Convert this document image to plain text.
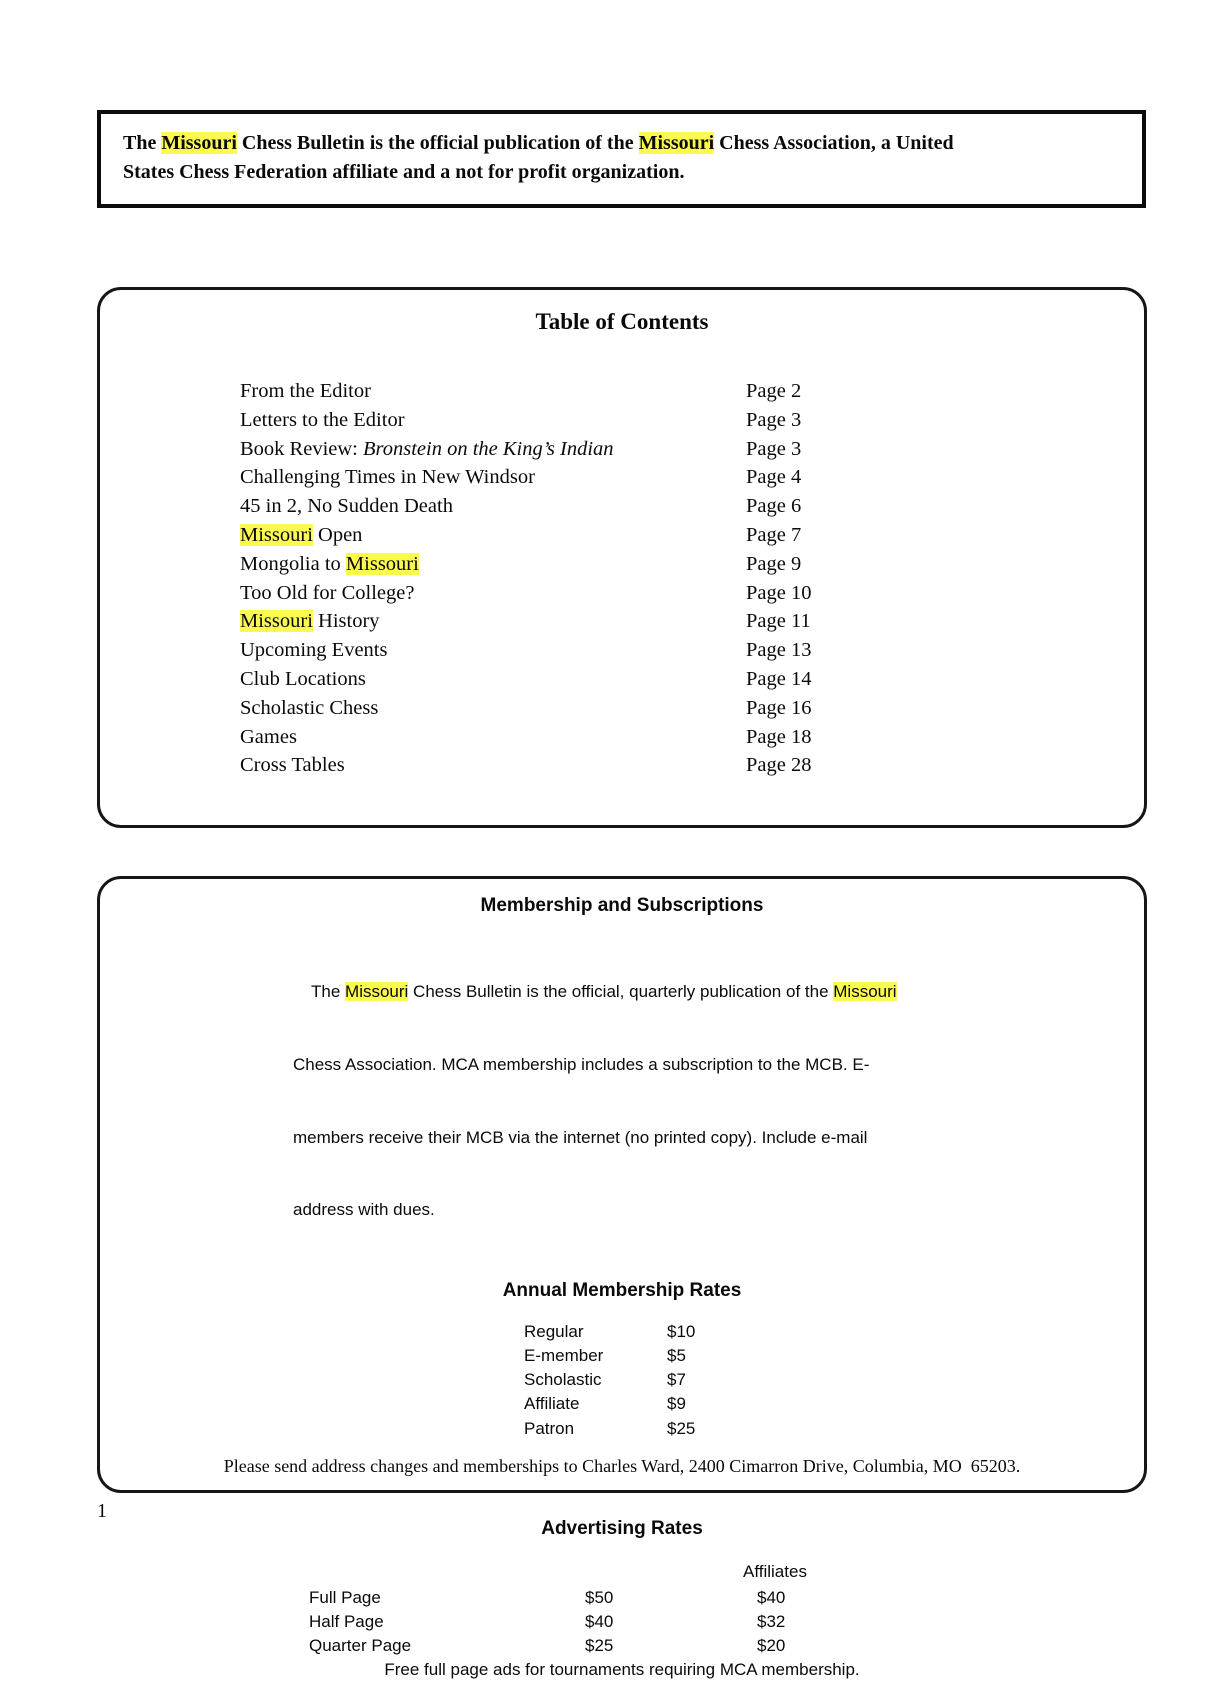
The Missouri Chess Bulletin is the official publication of the Missouri Chess Association, a United
States Chess Federation affiliate and a not for profit organization.
Table of Contents
From the Editor	Page 2
Letters to the Editor	Page 3
Book Review: Bronstein on the King’s Indian	Page 3
Challenging Times in New Windsor	Page 4
45 in 2, No Sudden Death	Page 6
Missouri Open	Page 7
Mongolia to Missouri	Page 9
Too Old for College?	Page 10
Missouri History	Page 11
Upcoming Events	Page 13
Club Locations	Page 14
Scholastic Chess	Page 16
Games	Page 18
Cross Tables	Page 28
Membership and Subscriptions

The Missouri Chess Bulletin is the official, quarterly publication of the Missouri

Chess Association. MCA membership includes a subscription to the MCB. E-

members receive their MCB via the internet (no printed copy). Include e-mail

address with dues.

Annual Membership Rates
Regular	$10
E-member	$5
Scholastic	$7
Affiliate	$9
Patron	$25
Please send address changes and memberships to Charles Ward, 2400 Cimarron Drive, Columbia, MO  65203.
Advertising Rates
Affiliates
Full Page	$50	$40
Half Page	$40	$32
Quarter Page	$25	$20
Free full page ads for tournaments requiring MCA membership.
1
